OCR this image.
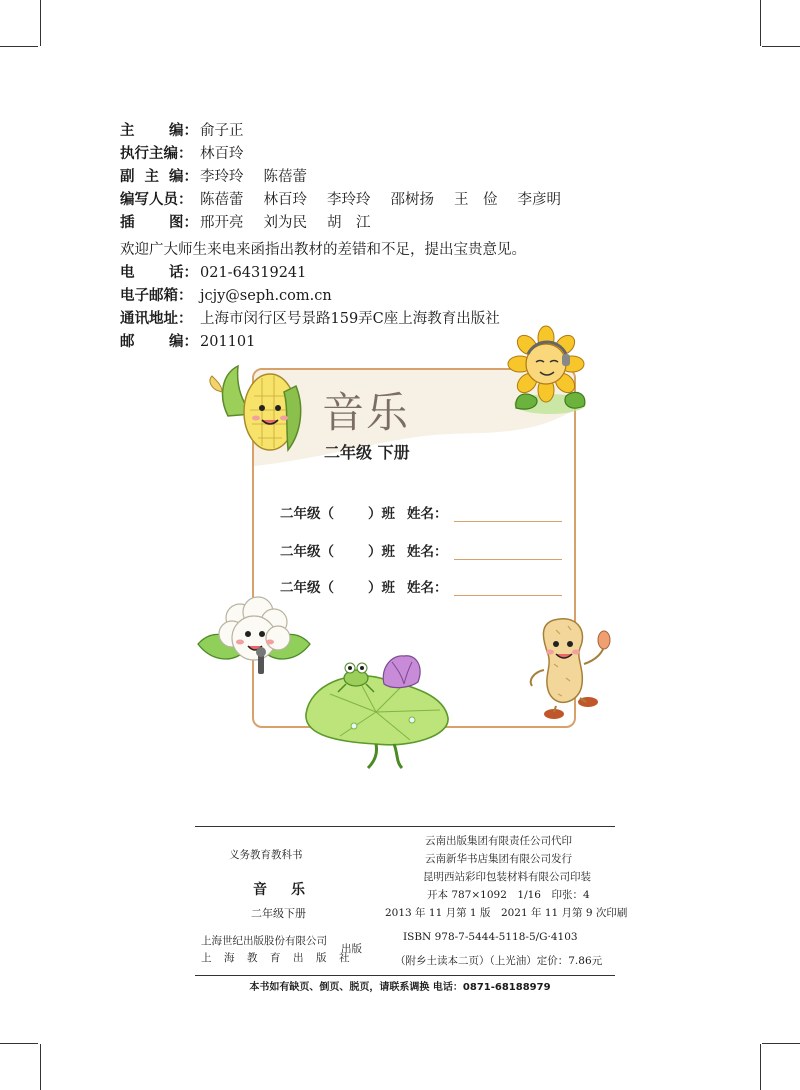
主 编： 俞子正
执行主编： 林百玲
副 主 编： 李玲玲 陈蓓蕾
编写人员： 陈蓓蕾 林百玲 李玲玲 邵树扬 王　俭 李彦明
插 图： 邢开亮 刘为民 胡　江
欢迎广大师生来电来函指出教材的差错和不足，提出宝贵意见。
电 话： 021-64319241
电子邮箱： jcjy@seph.com.cn
通讯地址： 上海市闵行区号景路159弄C座上海教育出版社
邮 编： 201101
音乐
二年级 下册
二年级（	）班 姓名：
二年级（	）班 姓名：
二年级（	）班 姓名：
义务教育教科书
音乐
二年级下册
上海世纪出版股份有限公司
上海教育出版社
出版
云南出版集团有限责任公司代印
云南新华书店集团有限公司发行
昆明西站彩印包装材料有限公司印装
开本 787×1092　1/16　印张：4
2013 年 11 月第 1 版　2021 年 11 月第 9 次印刷
ISBN 978-7-5444-5118-5/G·4103
（附乡土读本二页）（上光油）定价：7.86元
本书如有缺页、倒页、脱页，请联系调换 电话：0871-68188979
